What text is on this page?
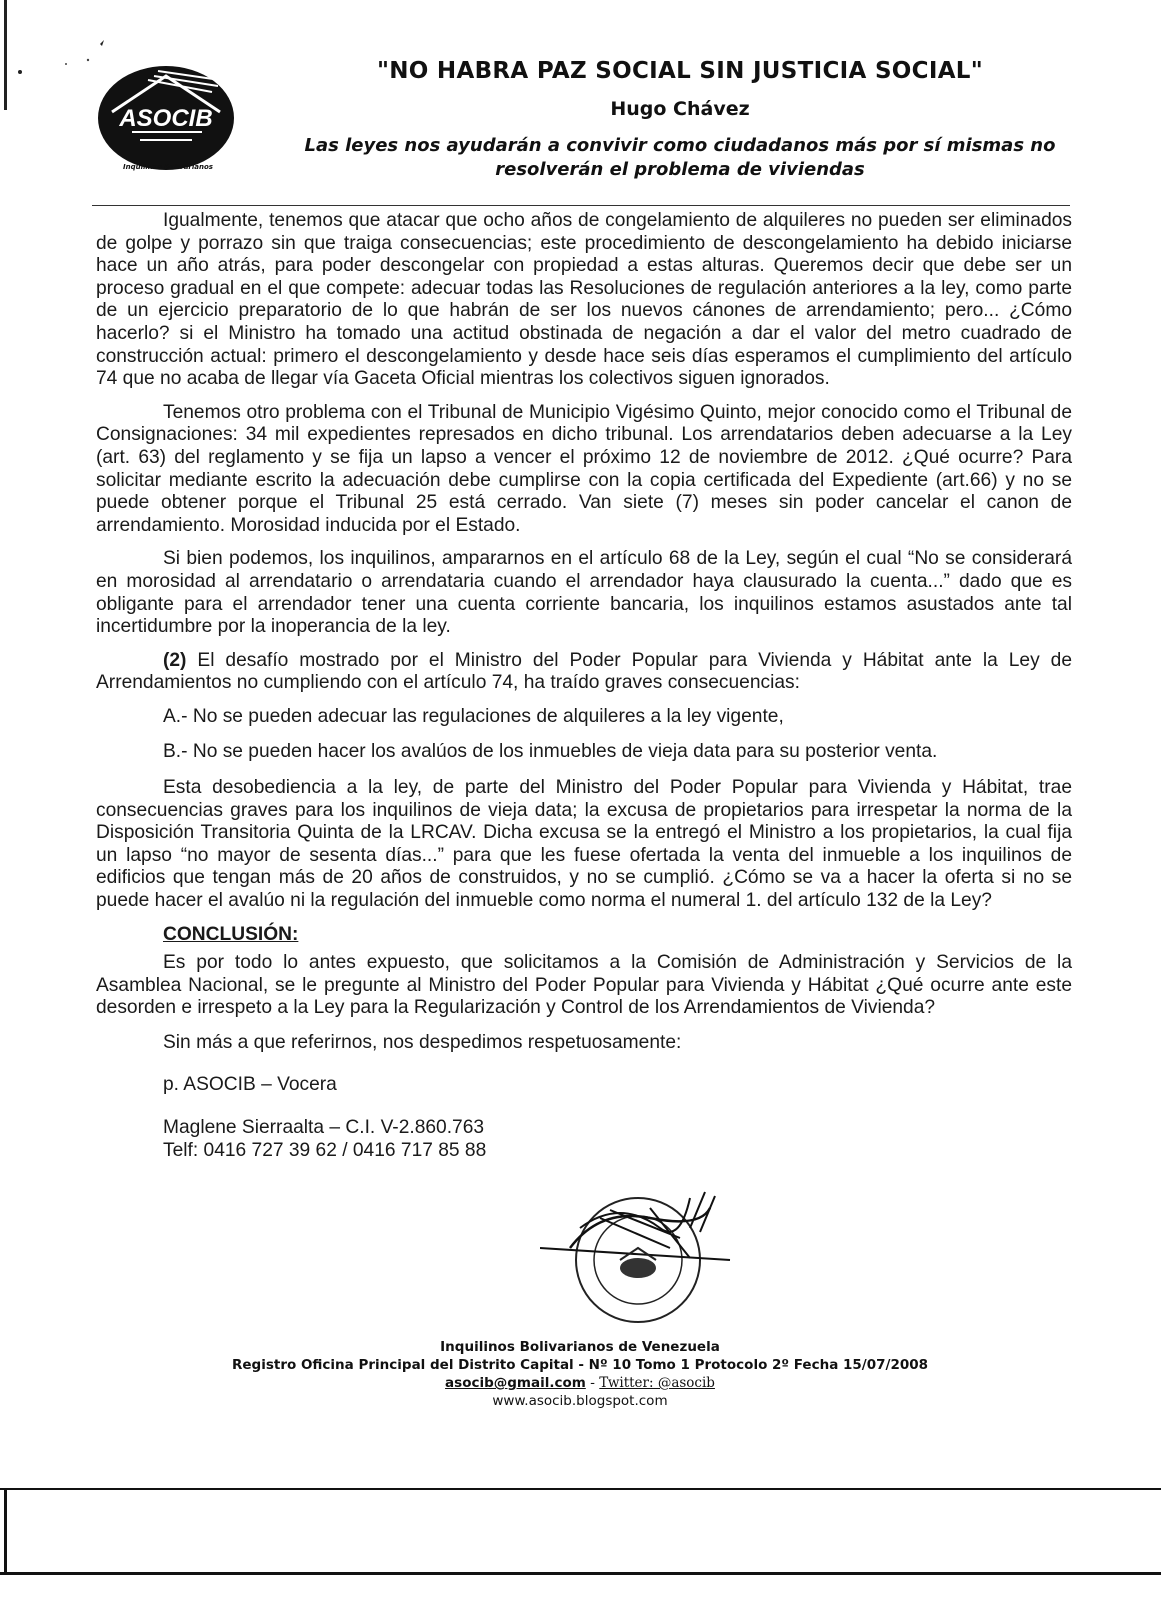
ASOCIB
Inquilinos Bolivarianos

"NO HABRA PAZ SOCIAL SIN JUSTICIA SOCIAL"

Hugo Chávez

Las leyes nos ayudarán a convivir como ciudadanos más por sí mismas no
resolverán el problema de viviendas

Igualmente, tenemos que atacar que ocho años de congelamiento de alquileres no pueden ser eliminados de golpe y porrazo sin que traiga consecuencias; este procedimiento de descongelamiento ha debido iniciarse hace un año atrás, para poder descongelar con propiedad a estas alturas. Queremos decir que debe ser un proceso gradual en el que compete: adecuar todas las Resoluciones de regulación anteriores a la ley, como parte de un ejercicio preparatorio de lo que habrán de ser los nuevos cánones de arrendamiento; pero... ¿Cómo hacerlo? si el Ministro ha tomado una actitud obstinada de negación a dar el valor del metro cuadrado de construcción actual: primero el descongelamiento y desde hace seis días esperamos el cumplimiento del artículo 74 que no acaba de llegar vía Gaceta Oficial mientras los colectivos siguen ignorados.

Tenemos otro problema con el Tribunal de Municipio Vigésimo Quinto, mejor conocido como el Tribunal de Consignaciones: 34 mil expedientes represados en dicho tribunal. Los arrendatarios deben adecuarse a la Ley (art. 63) del reglamento y se fija un lapso a vencer el próximo 12 de noviembre de 2012. ¿Qué ocurre? Para solicitar mediante escrito la adecuación debe cumplirse con la copia certificada del Expediente (art.66) y no se puede obtener porque el Tribunal 25 está cerrado. Van siete (7) meses sin poder cancelar el canon de arrendamiento. Morosidad inducida por el Estado.

Si bien podemos, los inquilinos, ampararnos en el artículo 68 de la Ley, según el cual “No se considerará en morosidad al arrendatario o arrendataria cuando el arrendador haya clausurado la cuenta...” dado que es obligante para el arrendador tener una cuenta corriente bancaria, los inquilinos estamos asustados ante tal incertidumbre por la inoperancia de la ley.

(2) El desafío mostrado por el Ministro del Poder Popular para Vivienda y Hábitat ante la Ley de Arrendamientos no cumpliendo con el artículo 74, ha traído graves consecuencias:

A.- No se pueden adecuar las regulaciones de alquileres a la ley vigente,

B.- No se pueden hacer los avalúos de los inmuebles de vieja data para su posterior venta.

Esta desobediencia a la ley, de parte del Ministro del Poder Popular para Vivienda y Hábitat, trae consecuencias graves para los inquilinos de vieja data; la excusa de propietarios para irrespetar la norma de la Disposición Transitoria Quinta de la LRCAV. Dicha excusa se la entregó el Ministro a los propietarios, la cual fija un lapso “no mayor de sesenta días...” para que les fuese ofertada la venta del inmueble a los inquilinos de edificios que tengan más de 20 años de construidos, y no se cumplió. ¿Cómo se va a hacer la oferta si no se puede hacer el avalúo ni la regulación del inmueble como norma el numeral 1. del artículo 132 de la Ley?

CONCLUSIÓN:

Es por todo lo antes expuesto, que solicitamos a la Comisión de Administración y Servicios de la Asamblea Nacional, se le pregunte al Ministro del Poder Popular para Vivienda y Hábitat ¿Qué ocurre ante este desorden e irrespeto a la Ley para la Regularización y Control de los Arrendamientos de Vivienda?

Sin más a que referirnos, nos despedimos respetuosamente:
p. ASOCIB – Vocera
Maglene Sierraalta – C.I. V-2.860.763
Telf: 0416 727 39 62 / 0416 717 85 88
Inquilinos Bolivarianos de Venezuela
Registro Oficina Principal del Distrito Capital - Nº 10 Tomo 1 Protocolo 2º Fecha 15/07/2008
asocib@gmail.com - Twitter: @asocib
www.asocib.blogspot.com
